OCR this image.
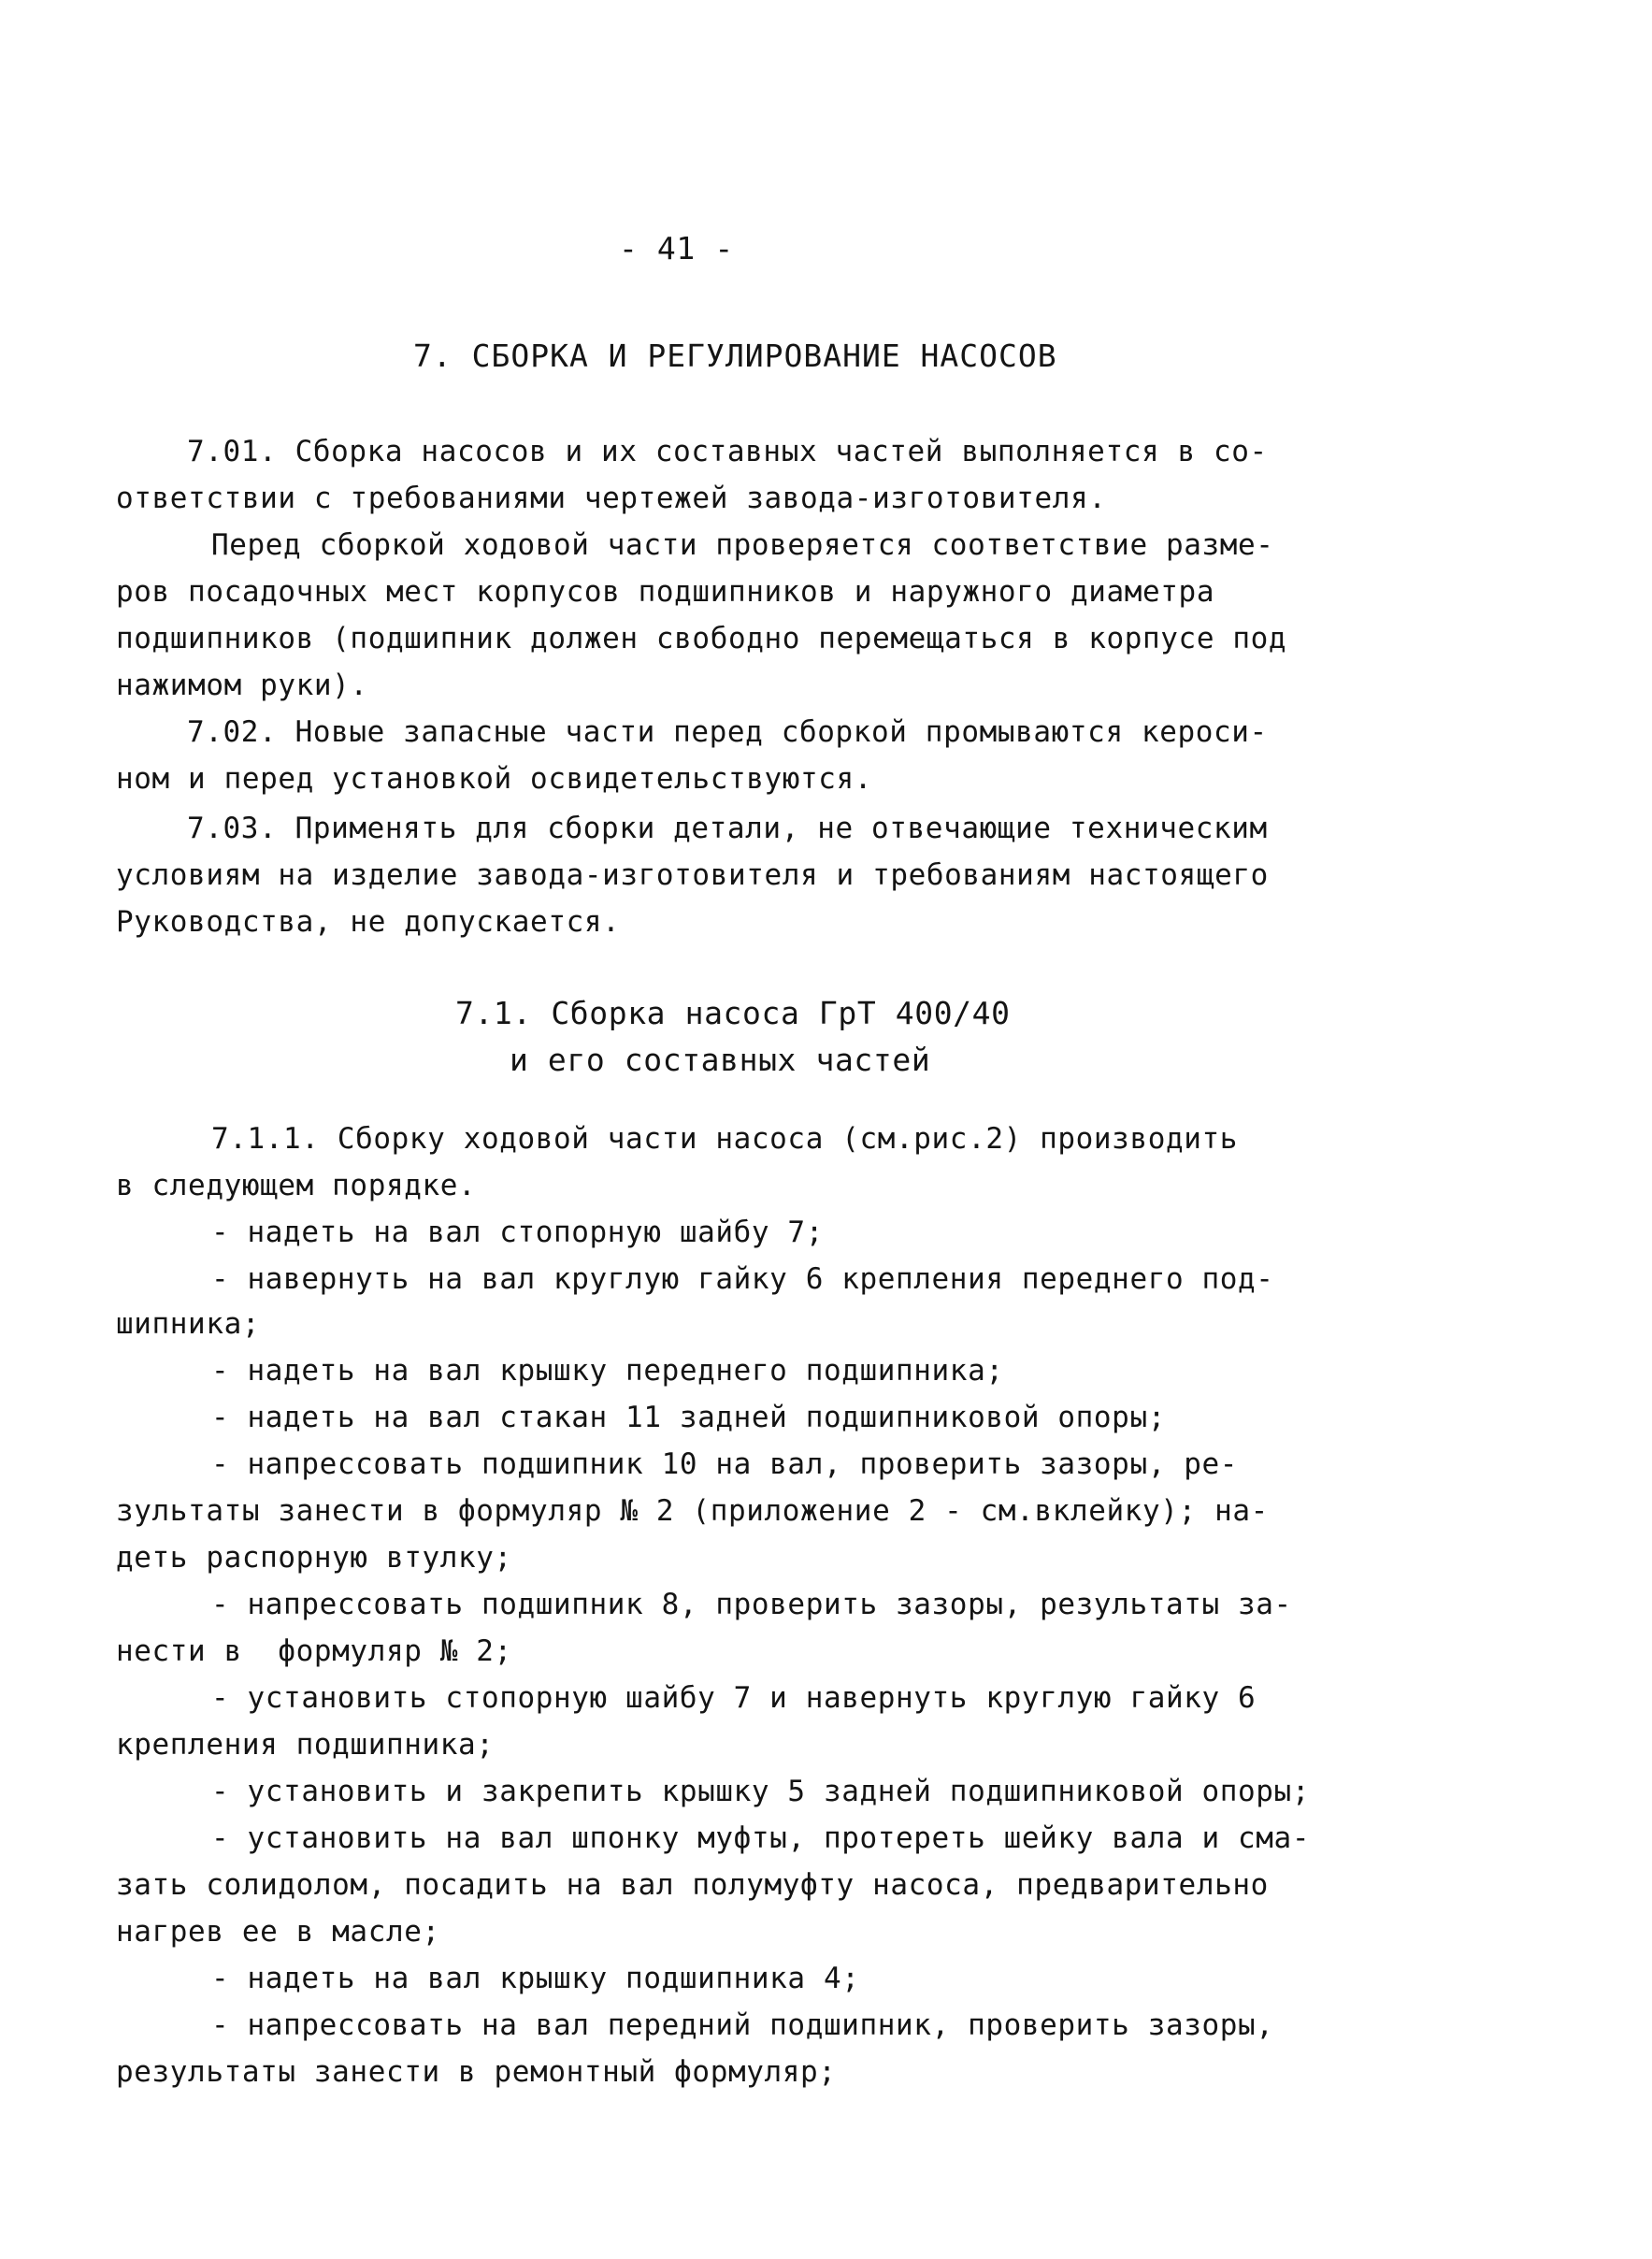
- 41 -
7. СБОРКА И РЕГУЛИРОВАНИЕ НАСОСОВ
7.01. Сборка насосов и их составных частей выполняется в со-
ответствии с требованиями чертежей завода-изготовителя.
Перед сборкой ходовой части проверяется соответствие разме-
ров посадочных мест корпусов подшипников и наружного диаметра
подшипников (подшипник должен свободно перемещаться в корпусе под
нажимом руки).
7.02. Новые запасные части перед сборкой промываются кероси-
ном и перед установкой освидетельствуются.
7.03. Применять для сборки детали, не отвечающие техническим
условиям на изделие завода-изготовителя и требованиям настоящего
Руководства, не допускается.
7.1. Сборка насоса ГрТ 400/40
и его составных частей
7.1.1. Сборку ходовой части насоса (см.рис.2) производить
в следующем порядке.
- надеть на вал стопорную шайбу 7;
- навернуть на вал круглую гайку 6 крепления переднего под-
шипника;
- надеть на вал крышку переднего подшипника;
- надеть на вал стакан 11 задней подшипниковой опоры;
- напрессовать подшипник 10 на вал, проверить зазоры, ре-
зультаты занести в формуляр № 2 (приложение 2 - см.вклейку); на-
деть распорную втулку;
- напрессовать подшипник 8, проверить зазоры, результаты за-
нести в  формуляр № 2;
- установить стопорную шайбу 7 и навернуть круглую гайку 6
крепления подшипника;
- установить и закрепить крышку 5 задней подшипниковой опоры;
- установить на вал шпонку муфты, протереть шейку вала и сма-
зать солидолом, посадить на вал полумуфту насоса, предварительно
нагрев ее в масле;
- надеть на вал крышку подшипника 4;
- напрессовать на вал передний подшипник, проверить зазоры,
результаты занести в ремонтный формуляр;
